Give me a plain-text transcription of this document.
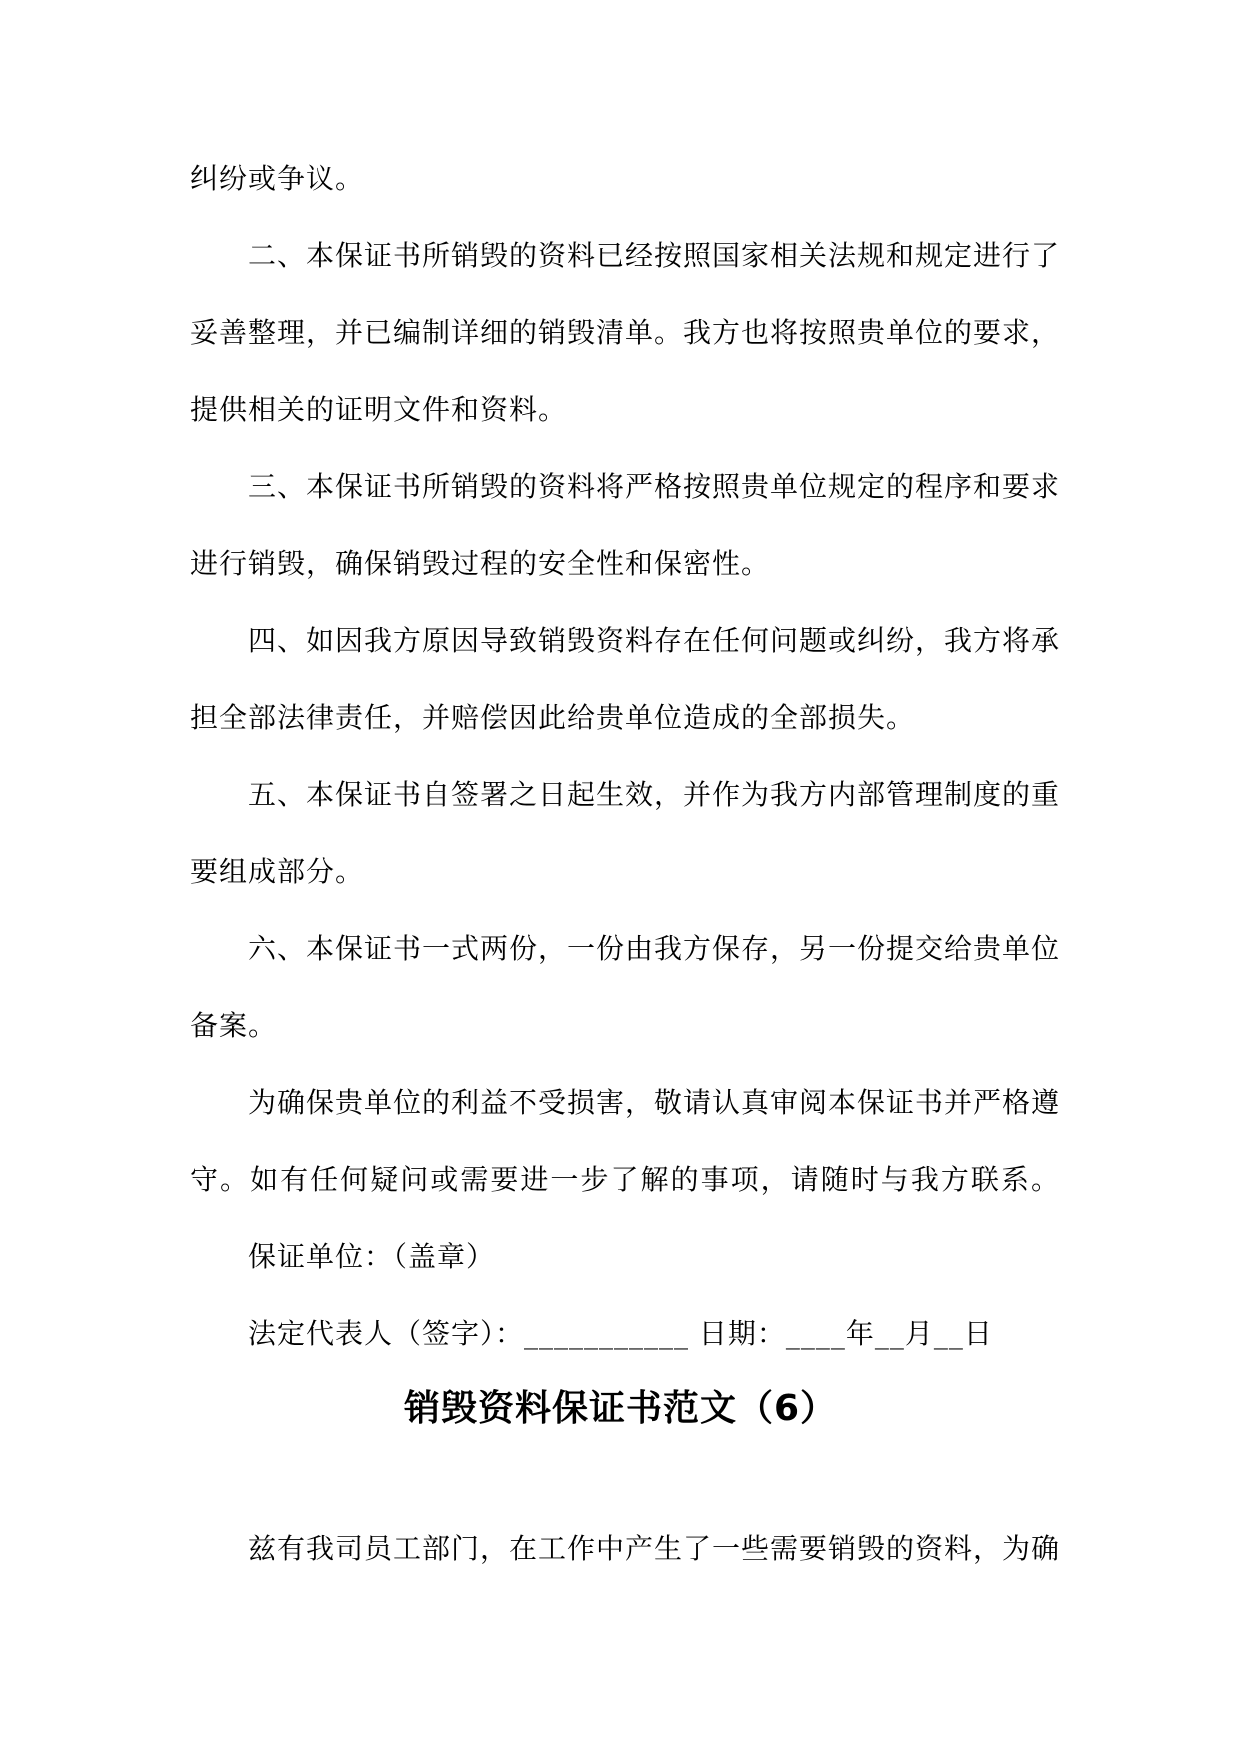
纠纷或争议。
二、本保证书所销毁的资料已经按照国家相关法规和规定进行了
妥善整理，并已编制详细的销毁清单。我方也将按照贵单位的要求，
提供相关的证明文件和资料。
三、本保证书所销毁的资料将严格按照贵单位规定的程序和要求
进行销毁，确保销毁过程的安全性和保密性。
四、如因我方原因导致销毁资料存在任何问题或纠纷，我方将承
担全部法律责任，并赔偿因此给贵单位造成的全部损失。
五、本保证书自签署之日起生效，并作为我方内部管理制度的重
要组成部分。
六、本保证书一式两份，一份由我方保存，另一份提交给贵单位
备案。
为确保贵单位的利益不受损害，敬请认真审阅本保证书并严格遵
守。如有任何疑问或需要进一步了解的事项，请随时与我方联系。
保证单位：（盖章）
法定代表人（签字）：___________ 日期：____年__月__日
销毁资料保证书范文（6）
兹有我司员工部门，在工作中产生了一些需要销毁的资料，为确
